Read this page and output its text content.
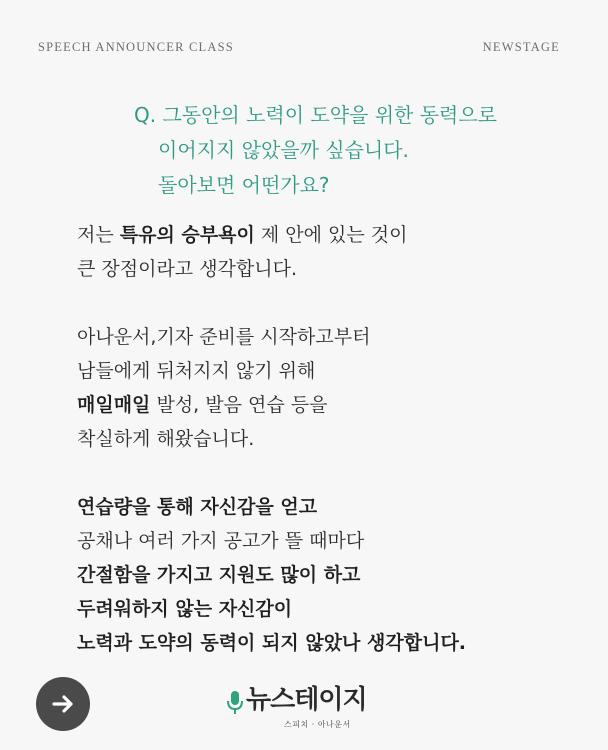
SPEECH ANNOUNCER CLASS	NEWSTAGE
Q. 그동안의 노력이 도약을 위한 동력으로
이어지지 않았을까 싶습니다.
돌아보면 어떤가요?
저는 특유의 승부욕이 제 안에 있는 것이
큰 장점이라고 생각합니다.
아나운서,기자 준비를 시작하고부터
남들에게 뒤처지지 않기 위해
매일매일 발성, 발음 연습 등을
착실하게 해왔습니다.
연습량을 통해 자신감을 얻고
공채나 여러 가지 공고가 뜰 때마다
간절함을 가지고 지원도 많이 하고
두려워하지 않는 자신감이
노력과 도약의 동력이 되지 않았나 생각합니다.
뉴스테이지
스피치 · 아나운서
